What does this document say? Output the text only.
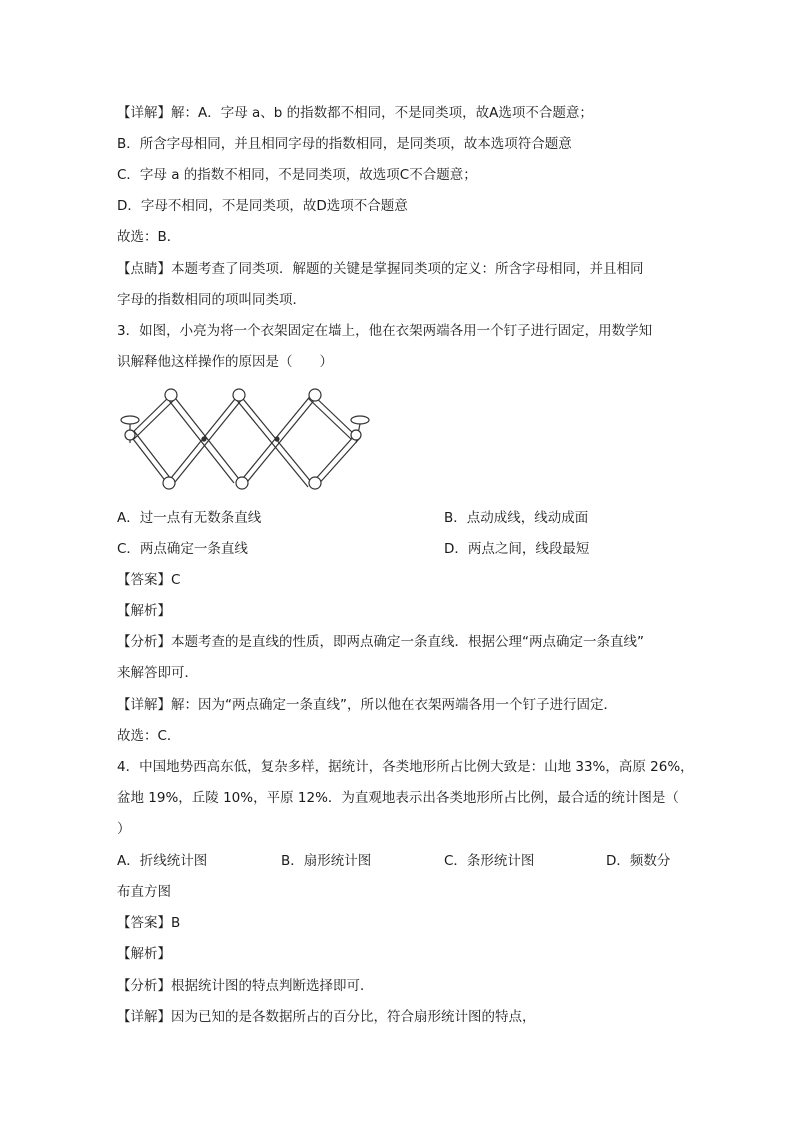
【详解】解：A．字母 a、b 的指数都不相同，不是同类项，故A选项不合题意；
B．所含字母相同，并且相同字母的指数相同，是同类项，故本选项符合题意
C．字母 a 的指数不相同，不是同类项，故选项C不合题意；
D．字母不相同，不是同类项，故D选项不合题意
故选：B．
【点睛】本题考查了同类项．解题的关键是掌握同类项的定义：所含字母相同，并且相同
字母的指数相同的项叫同类项．
3．如图，小亮为将一个衣架固定在墙上，他在衣架两端各用一个钉子进行固定，用数学知
识解释他这样操作的原因是（　　）
A．过一点有无数条直线	B．点动成线，线动成面
C．两点确定一条直线	D．两点之间，线段最短
【答案】C
【解析】
【分析】本题考查的是直线的性质，即两点确定一条直线．根据公理“两点确定一条直线”
来解答即可．
【详解】解：因为“两点确定一条直线”，所以他在衣架两端各用一个钉子进行固定．
故选：C．
4．中国地势西高东低，复杂多样，据统计，各类地形所占比例大致是：山地 33%，高原 26%，
盆地 19%，丘陵 10%，平原 12%．为直观地表示出各类地形所占比例，最合适的统计图是（
）
A．折线统计图	B．扇形统计图	C．条形统计图	D．频数分
布直方图
【答案】B
【解析】
【分析】根据统计图的特点判断选择即可．
【详解】因为已知的是各数据所占的百分比，符合扇形统计图的特点，
